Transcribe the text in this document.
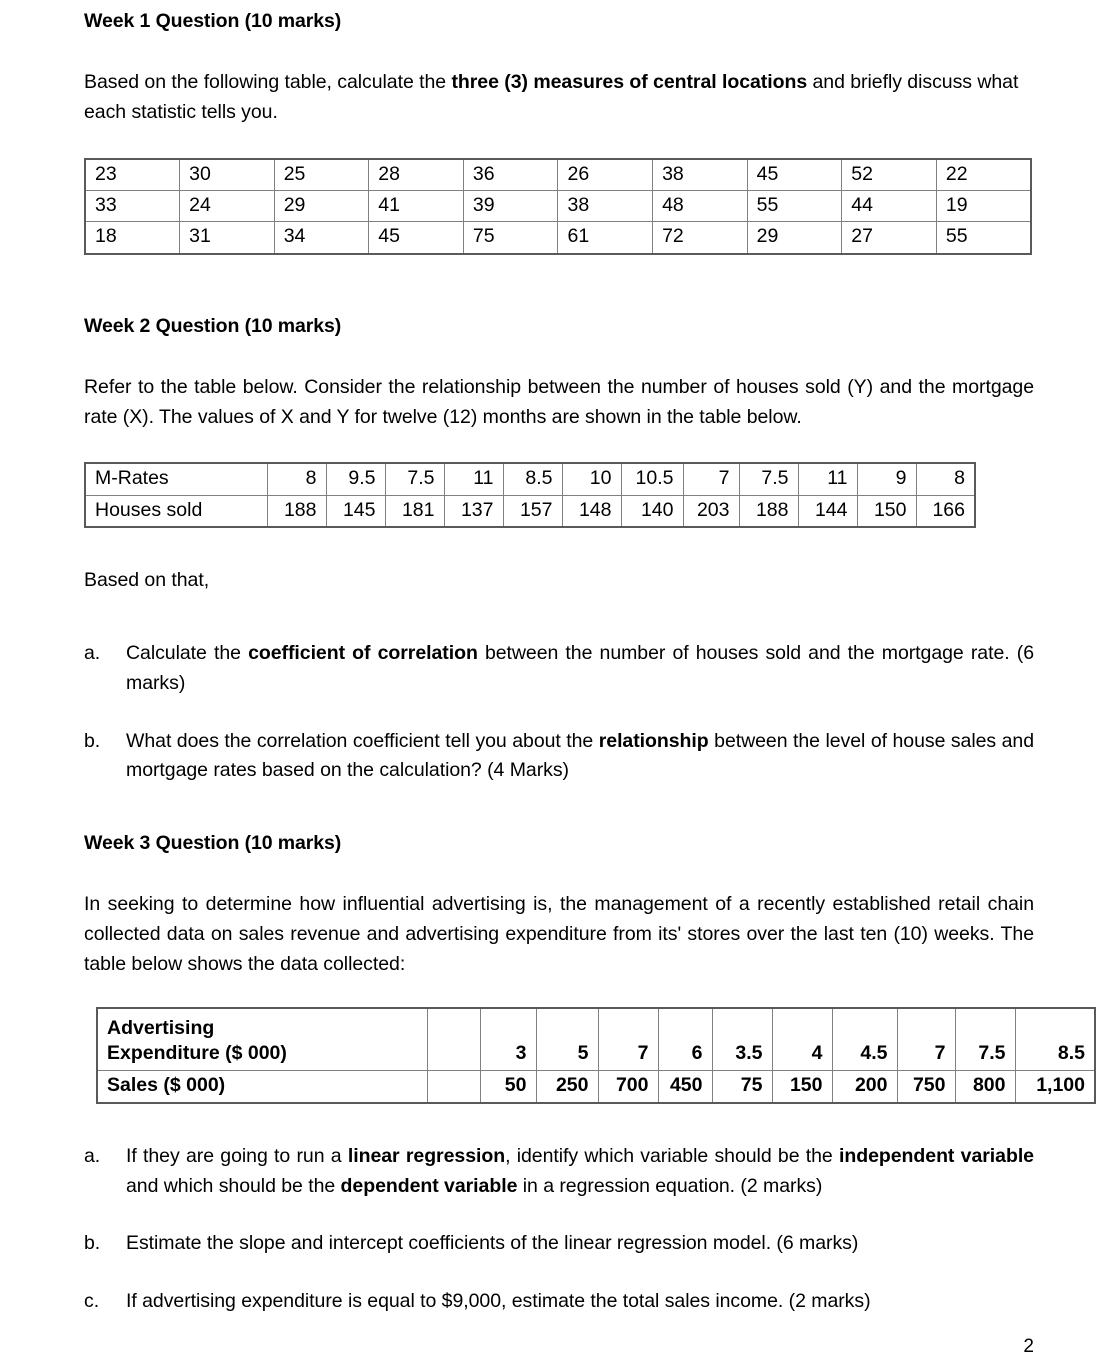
Week 1 Question (10 marks)

Based on the following table, calculate the three (3) measures of central locations and briefly discuss what each statistic tells you.

23	30	25	28	36	26	38	45	52	22
33	24	29	41	39	38	48	55	44	19
18	31	34	45	75	61	72	29	27	55
Week 2 Question (10 marks)

Refer to the table below. Consider the relationship between the number of houses sold (Y) and the mortgage rate (X). The values of X and Y for twelve (12) months are shown in the table below.

M-Rates	8	9.5	7.5	11	8.5	10	10.5	7	7.5	11	9	8
Houses sold	188	145	181	137	157	148	140	203	188	144	150	166

Based on that,

a.	Calculate the coefficient of correlation between the number of houses sold and the mortgage rate. (6 marks)
b.	What does the correlation coefficient tell you about the relationship between the level of house sales and mortgage rates based on the calculation? (4 Marks)
Week 3 Question (10 marks)

In seeking to determine how influential advertising is, the management of a recently established retail chain collected data on sales revenue and advertising expenditure from its' stores over the last ten (10) weeks. The table below shows the data collected:

Advertising
Expenditure ($ 000)		3	5	7	6	3.5	4	4.5	7	7.5	8.5
Sales ($ 000)		50	250	700	450	75	150	200	750	800	1,100
a.	If they are going to run a linear regression, identify which variable should be the independent variable and which should be the dependent variable in a regression equation. (2 marks)
b.	Estimate the slope and intercept coefficients of the linear regression model. (6 marks)
c.	If advertising expenditure is equal to $9,000, estimate the total sales income. (2 marks)
2
